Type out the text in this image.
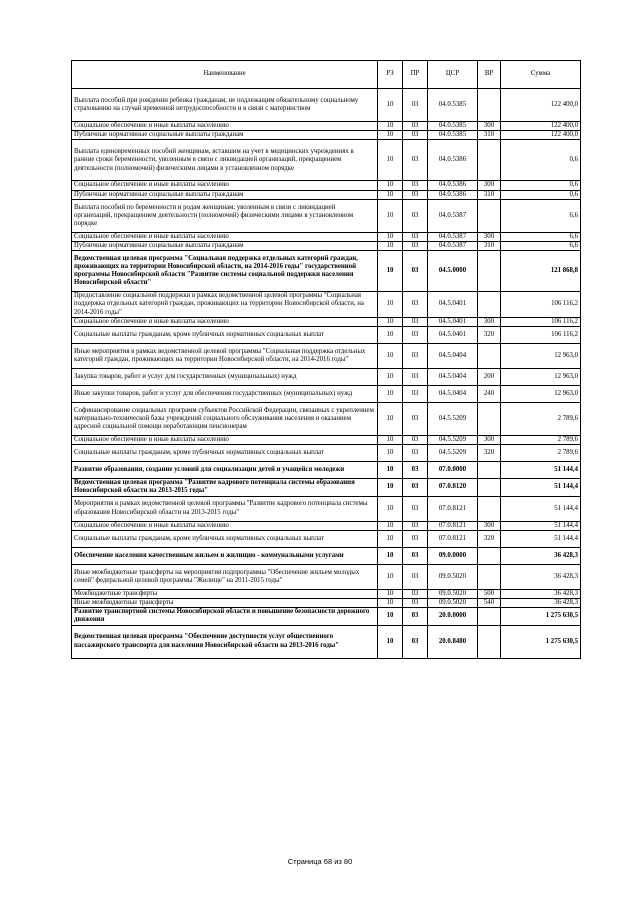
Наименование	РЗ	ПР	ЦСР	ВР	Сумма
Выплата пособий при рождении ребенка гражданам, не подлежащим обязательному социальному страхованию на случай временной нетрудоспособности и в связи с материнством	10	03	04.0.5385		122 400,0
Социальное обеспечение и иные выплаты населению	10	03	04.0.5385	300	122 400,0
Публичные нормативные социальные выплаты гражданам	10	03	04.0.5385	310	122 400,0
Выплата единовременных пособий женщинам, вставшим на учет в медицинских учреждениях в ранние сроки беременности, уволенным в связи с ликвидацией организаций, прекращением деятельности (полномочий) физическими лицами в установленном порядке	10	03	04.0.5386		0,6
Социальное обеспечение и иные выплаты населению	10	03	04.0.5386	300	0,6
Публичные нормативные социальные выплаты гражданам	10	03	04.0.5386	310	0,6
Выплата пособий по беременности и родам женщинам, уволенным в связи с ликвидацией организаций, прекращением деятельности (полномочий) физическими лицами в установленном порядке	10	03	04.0.5387		6,6
Социальное обеспечение и иные выплаты населению	10	03	04.0.5387	300	6,6
Публичные нормативные социальные выплаты гражданам	10	03	04.0.5387	310	6,6
Ведомственная целевая программа "Социальная поддержка отдельных категорий граждан, проживающих на территории Новосибирской области, на 2014-2016 годы" государственной программы Новосибирской области "Развитие системы социальной поддержки населения Новосибирской области"	10	03	04.5.0000		121 868,8
Предоставление социальной поддержки в рамках ведомственной целевой программы "Социальная поддержка отдельных категорий граждан, проживающих на территории Новосибирской области, на 2014-2016 годы"	10	03	04.5.0401		106 116,2
Социальное обеспечение и иные выплаты населению	10	03	04.5.0401	300	106 116,2
Социальные выплаты гражданам, кроме публичных нормативных социальных выплат	10	03	04.5.0401	320	106 116,2
Иные мероприятия в рамках ведомственной целевой программы "Социальная поддержка отдельных категорий граждан, проживающих на территории Новосибирской области, на 2014-2016 годы"	10	03	04.5.0404		12 963,0
Закупка товаров, работ и услуг для государственных (муниципальных) нужд	10	03	04.5.0404	200	12 963,0
Иные закупки товаров, работ и услуг для обеспечения государственных (муниципальных) нужд	10	03	04.5.0404	240	12 963,0
Софинансирование социальных программ субъектов Российской Федерации, связанных с укреплением материально-технической базы учреждений социального обслуживания населения и оказанием адресной социальной помощи неработающим пенсионерам	10	03	04.5.5209		2 789,6
Социальное обеспечение и иные выплаты населению	10	03	04.5.5209	300	2 789,6
Социальные выплаты гражданам, кроме публичных нормативных социальных выплат	10	03	04.5.5209	320	2 789,6
Развитие образования, создание условий для социализации детей и учащейся молодежи	10	03	07.0.0000		51 144,4
Ведомственная целевая программа "Развитие кадрового потенциала системы образования Новосибирской области на 2013-2015 годы"	10	03	07.0.8120		51 144,4
Мероприятия в рамках ведомственной целевой программы "Развитие кадрового потенциала системы образования Новосибирской области на 2013-2015 годы"	10	03	07.0.8121		51 144,4
Социальное обеспечение и иные выплаты населению	10	03	07.0.8121	300	51 144,4
Социальные выплаты гражданам, кроме публичных нормативных социальных выплат	10	03	07.0.8121	320	51 144,4
Обеспечение населения качественным жильем и жилищно - коммунальными услугами	10	03	09.0.0000		36 428,3
Иные межбюджетные трансферты на мероприятия подпрограммы "Обеспечение жильем молодых семей" федеральной целевой программы "Жилище" на 2011-2015 годы"	10	03	09.0.5020		36 428,3
Межбюджетные трансферты	10	03	09.0.5020	500	36 428,3
Иные межбюджетные трансферты	10	03	09.0.5020	540	36 428,3
Развитие транспортной системы Новосибирской области и повышение безопасности дорожного движения	10	03	20.0.0000		1 275 630,5
Ведомственная целевая программа "Обеспечение доступности услуг общественного пассажирского транспорта для населения Новосибирской области на 2013-2016 годы"	10	03	20.0.8480		1 275 630,5
Страница 68 из 80
